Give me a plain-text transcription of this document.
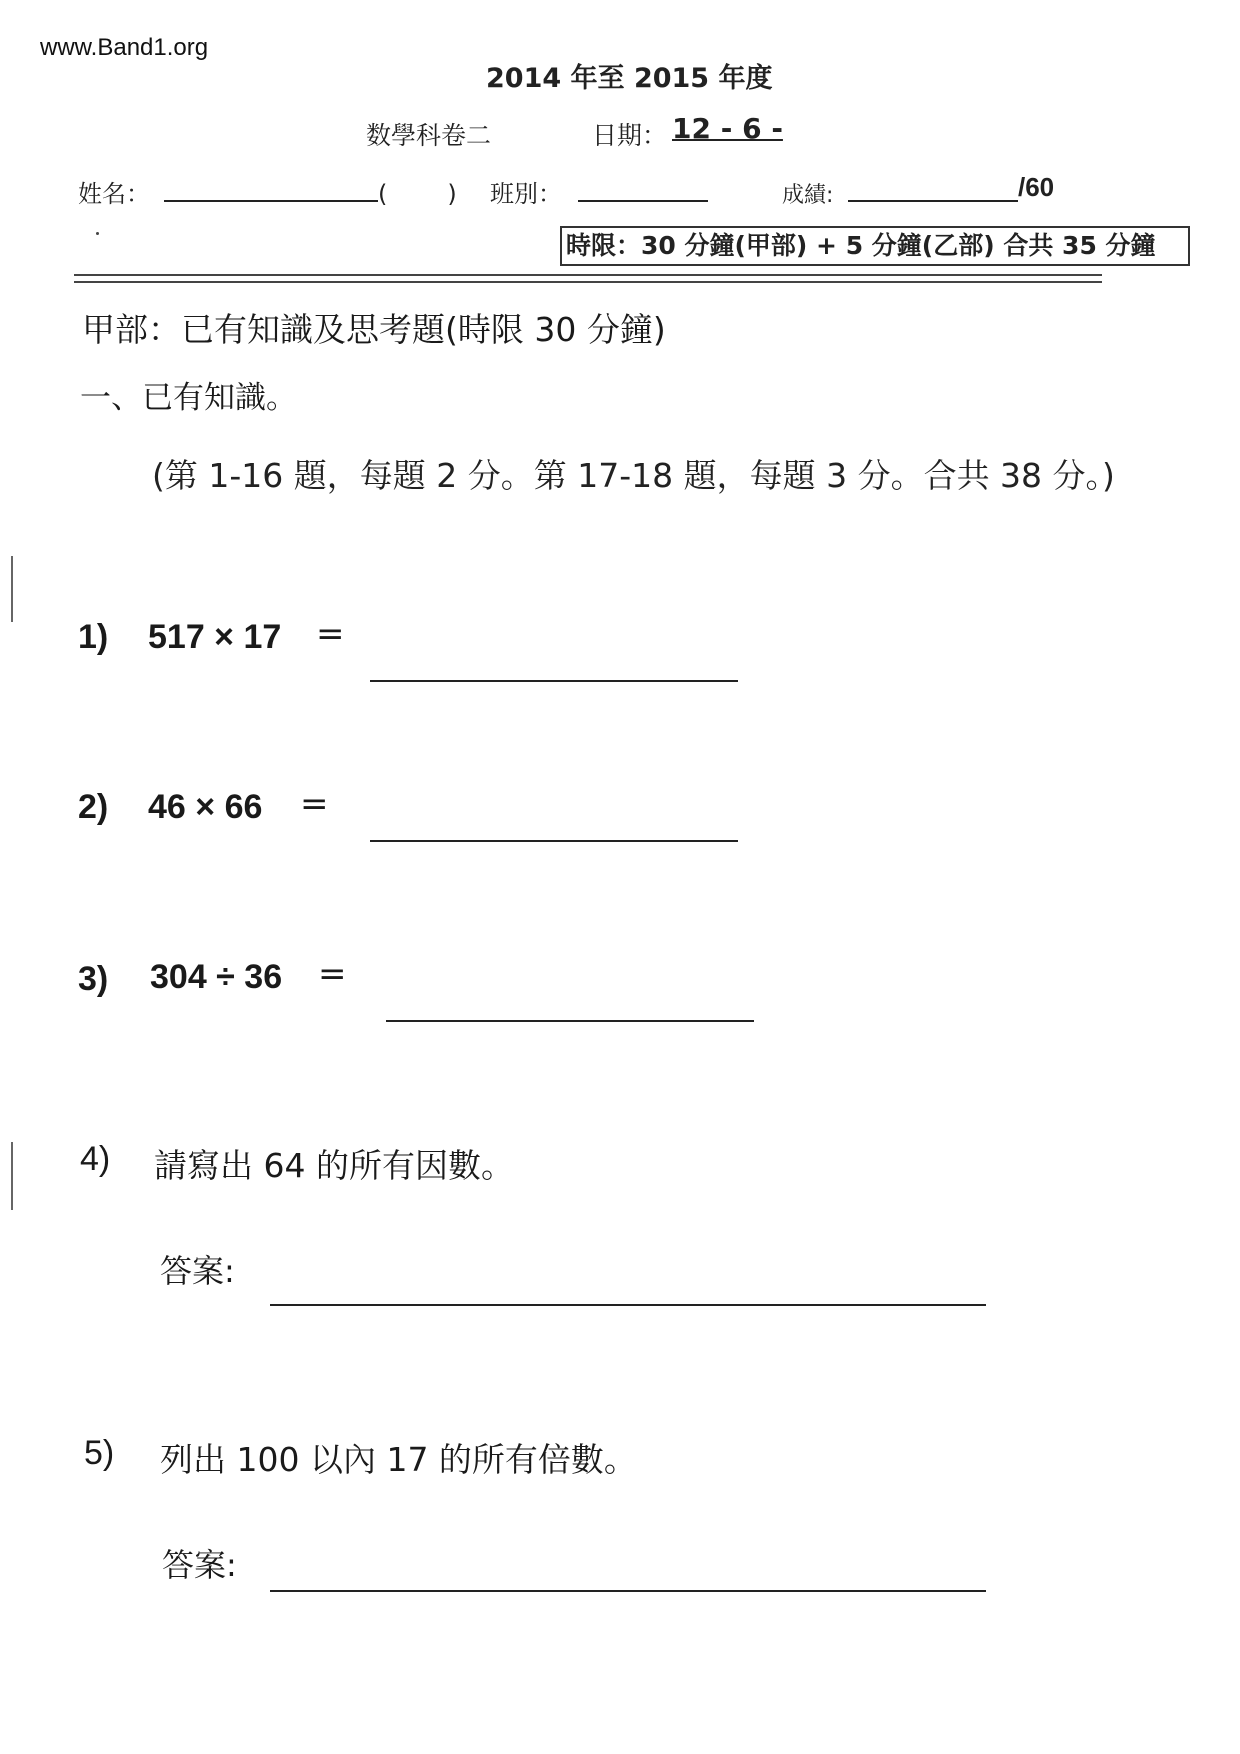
www.Band1.org
2014 年至 2015 年度
数學科卷二	日期： 12 - 6 -
姓名：	(　　) 班別：	成績:	/60
時限：30 分鐘(甲部) + 5 分鐘(乙部) 合共 35 分鐘
甲部：已有知識及思考題(時限 30 分鐘)
一、已有知識。
(第 1-16 題，每題 2 分。第 17-18 題，每題 3 分。合共 38 分。)
1) 517 × 17 =
2) 46 × 66 =
3) 304 ÷ 36 =
4) 請寫出 64 的所有因數。
答案:
5) 列出 100 以內 17 的所有倍數。
答案:
